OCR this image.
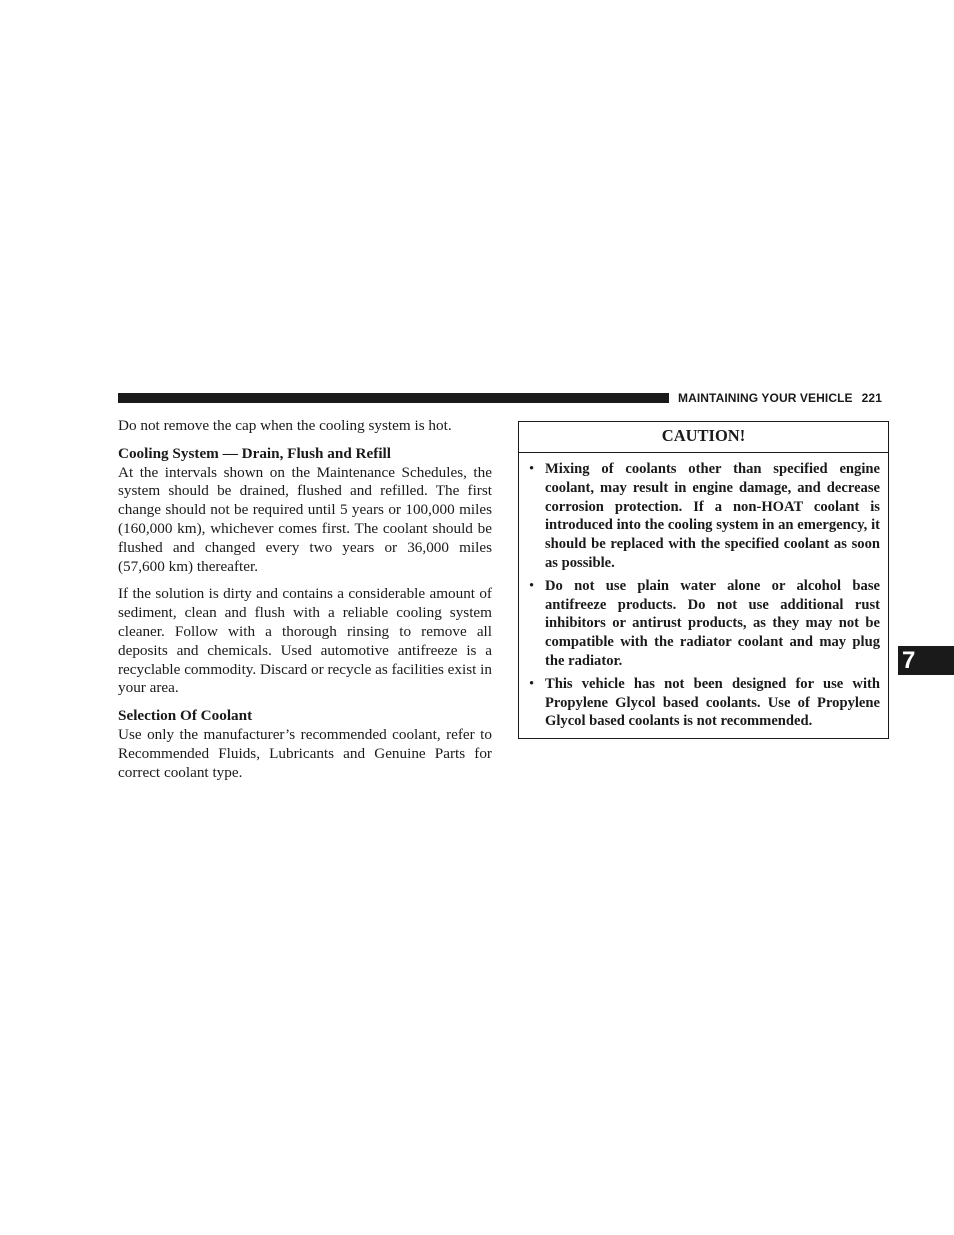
MAINTAINING YOUR VEHICLE 221

Do not remove the cap when the cooling system is hot.

Cooling System — Drain, Flush and Refill

At the intervals shown on the Maintenance Schedules, the system should be drained, flushed and refilled. The first change should not be required until 5 years or 100,000 miles (160,000 km), whichever comes first. The coolant should be flushed and changed every two years or 36,000 miles (57,600 km) thereafter.

If the solution is dirty and contains a considerable amount of sediment, clean and flush with a reliable cooling system cleaner. Follow with a thorough rinsing to remove all deposits and chemicals. Used automotive antifreeze is a recyclable commodity. Discard or recycle as facilities exist in your area.

Selection Of Coolant

Use only the manufacturer’s recommended coolant, refer to Recommended Fluids, Lubricants and Genuine Parts for correct coolant type.

CAUTION!
• Mixing of coolants other than specified engine coolant, may result in engine damage, and decrease corrosion protection. If a non-HOAT coolant is introduced into the cooling system in an emergency, it should be replaced with the specified coolant as soon as possible.
• Do not use plain water alone or alcohol base antifreeze products. Do not use additional rust inhibitors or antirust products, as they may not be compatible with the radiator coolant and may plug the radiator.
• This vehicle has not been designed for use with Propylene Glycol based coolants. Use of Propylene Glycol based coolants is not recommended.
7
